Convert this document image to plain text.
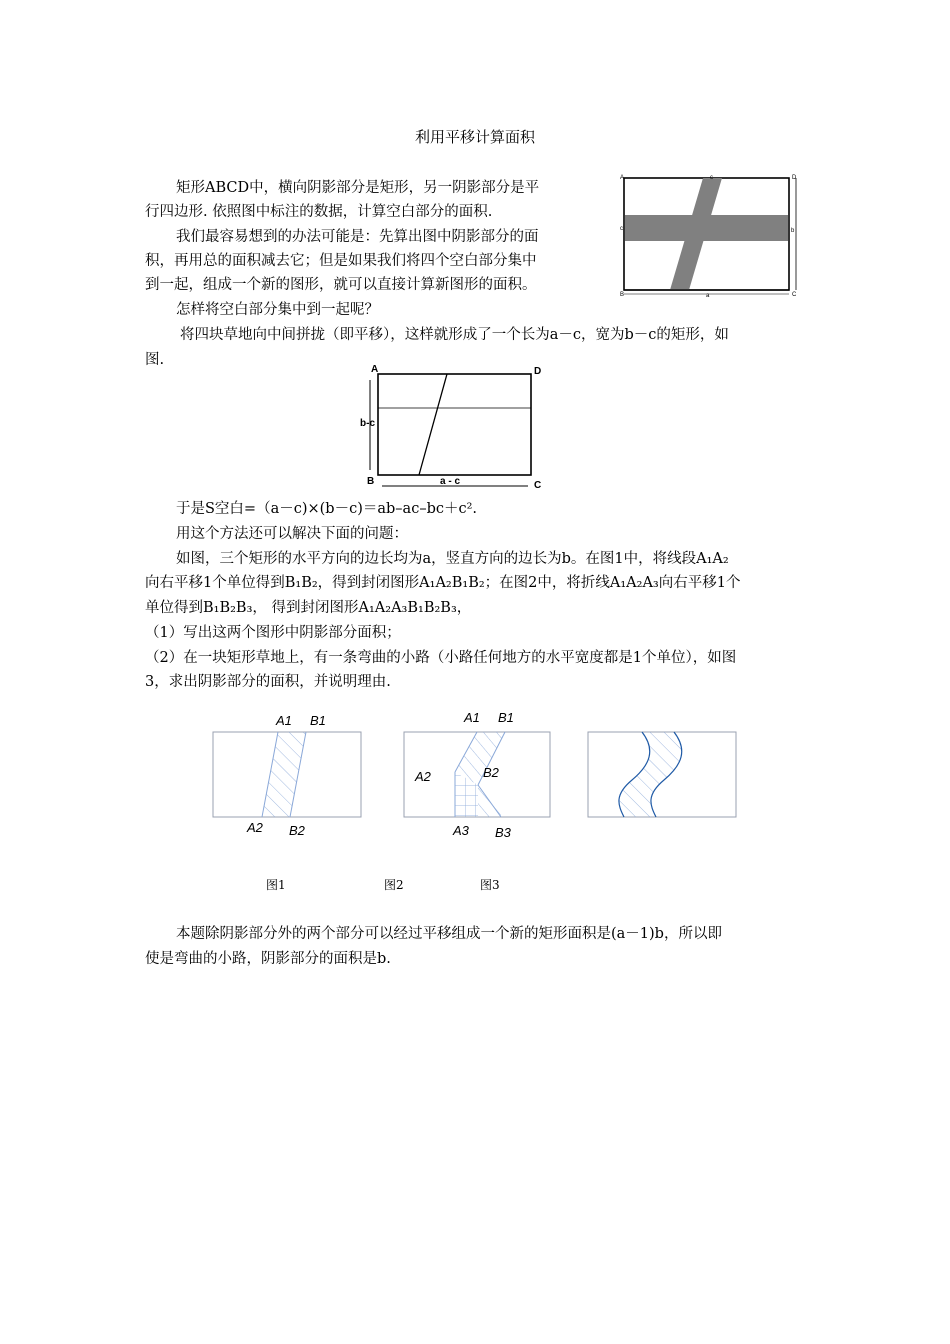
利用平移计算面积
矩形ABCD中，横向阴影部分是矩形，另一阴影部分是平
行四边形. 依照图中标注的数据，计算空白部分的面积.
我们最容易想到的办法可能是：先算出图中阴影部分的面
积，再用总的面积减去它；但是如果我们将四个空白部分集中
到一起，组成一个新的图形，就可以直接计算新图形的面积。
怎样将空白部分集中到一起呢？
将四块草地向中间拼拢（即平移），这样就形成了一个长为a－c，宽为b－c的矩形，如
图.
A
B	C
D
a
b
c
c
A	D
B	C
b-c
a - c
于是S空白=（a－c)×(b－c)＝ab–ac–bc＋c².
用这个方法还可以解决下面的问题：
如图，三个矩形的水平方向的边长均为a，竖直方向的边长为b。在图1中，将线段A₁A₂
向右平移1个单位得到B₁B₂，得到封闭图形A₁A₂B₁B₂；在图2中，将折线A₁A₂A₃向右平移1个
单位得到B₁B₂B₃， 得到封闭图形A₁A₂A₃B₁B₂B₃，
（1）写出这两个图形中阴影部分面积；
（2）在一块矩形草地上，有一条弯曲的小路（小路任何地方的水平宽度都是1个单位），如图
3，求出阴影部分的面积，并说明理由.
A1 B1
A2 B2
A1 B1
A2	B2
A3 B3
图1	图2	图3
本题除阴影部分外的两个部分可以经过平移组成一个新的矩形面积是(a－1)b，所以即
使是弯曲的小路，阴影部分的面积是b.
